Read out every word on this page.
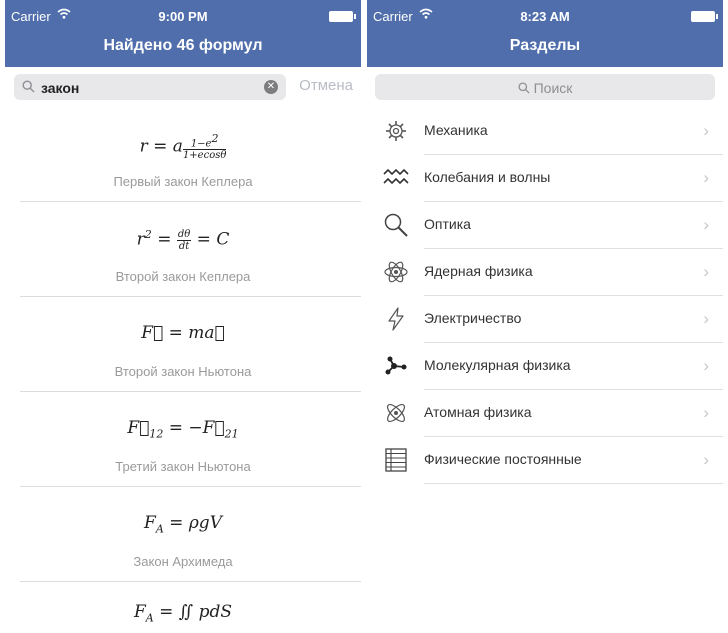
Carrier	9:00 PM
Найдено 46 формул
закон	✕ Отмена
r = a $\frac{1-e^2}{1+ecos\theta}$
Первый закон Кеплера
$r^2 = \frac{d\theta}{dt} = C$
Второй закон Кеплера
F⃗ = ma⃗
Второй закон Ньютона
$F⃗_{12}$ = $-F⃗_{21}$
Третий закон Ньютона
$F_A = \rho gV$
Закон Архимеда
$F_A$ = ∬ pdS
Carrier	8:23 AM
Разделы
Поиск
Механика	›
Колебания и волны	›
Оптика	›
Ядерная физика	›
Электричество	›
Молекулярная физика	›
Атомная физика	›
Физические постоянные	›
